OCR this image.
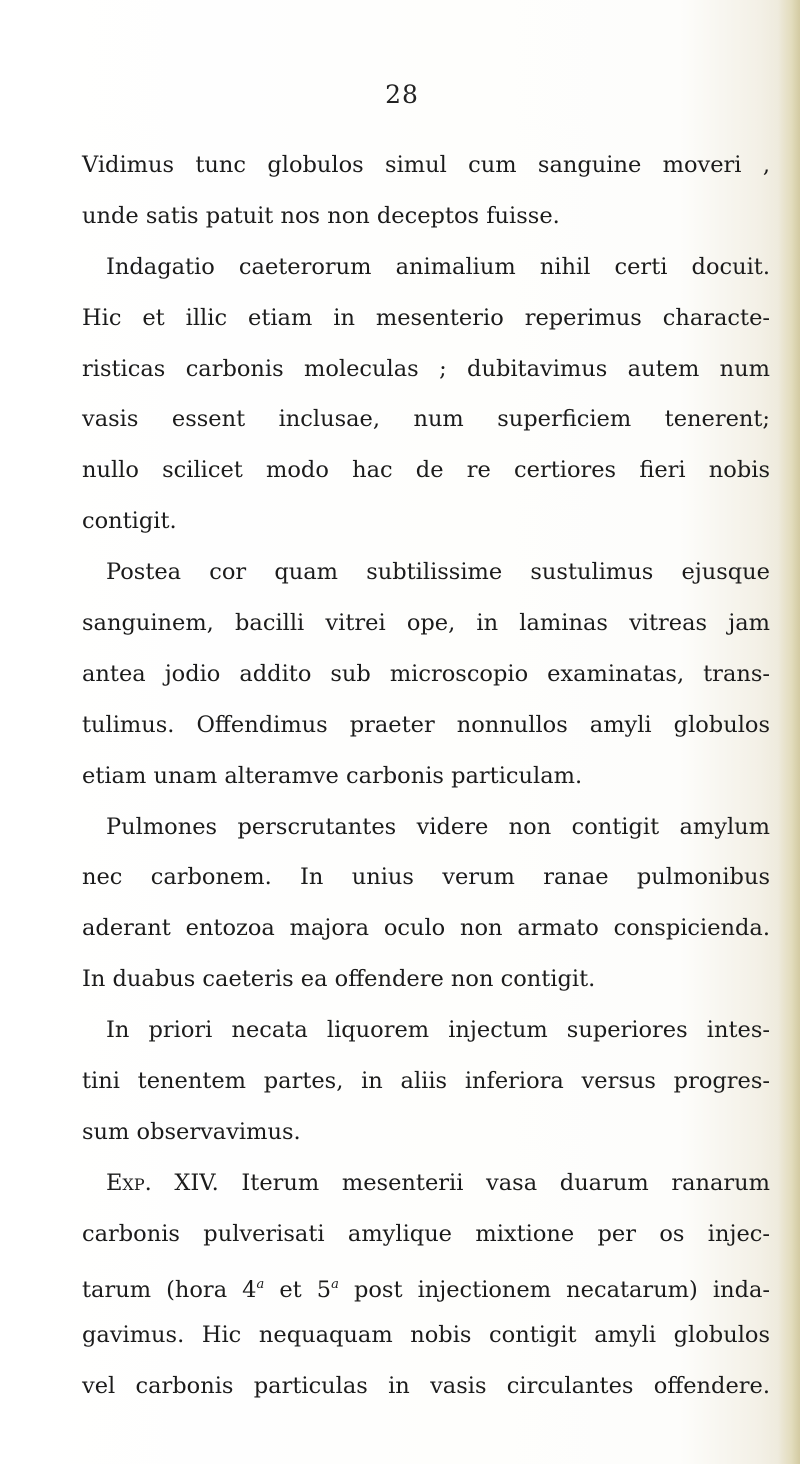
28
Vidimus tunc globulos simul cum sanguine moveri ,
unde satis patuit nos non deceptos fuisse.
Indagatio caeterorum animalium nihil certi docuit.
Hic et illic etiam in mesenterio reperimus characte-
risticas carbonis moleculas ; dubitavimus autem num
vasis essent inclusae, num superficiem tenerent;
nullo scilicet modo hac de re certiores fieri nobis
contigit.
Postea cor quam subtilissime sustulimus ejusque
sanguinem, bacilli vitrei ope, in laminas vitreas jam
antea jodio addito sub microscopio examinatas, trans-
tulimus. Offendimus praeter nonnullos amyli globulos
etiam unam alteramve carbonis particulam.
Pulmones perscrutantes videre non contigit amylum
nec carbonem. In unius verum ranae pulmonibus
aderant entozoa majora oculo non armato conspicienda.
In duabus caeteris ea offendere non contigit.
In priori necata liquorem injectum superiores intes-
tini tenentem partes, in aliis inferiora versus progres-
sum observavimus.
Exp. XIV. Iterum mesenterii vasa duarum ranarum
carbonis pulverisati amylique mixtione per os injec-
tarum (hora 4$^a$ et 5$^a$ post injectionem necatarum) inda-
gavimus. Hic nequaquam nobis contigit amyli globulos
vel carbonis particulas in vasis circulantes offendere.
